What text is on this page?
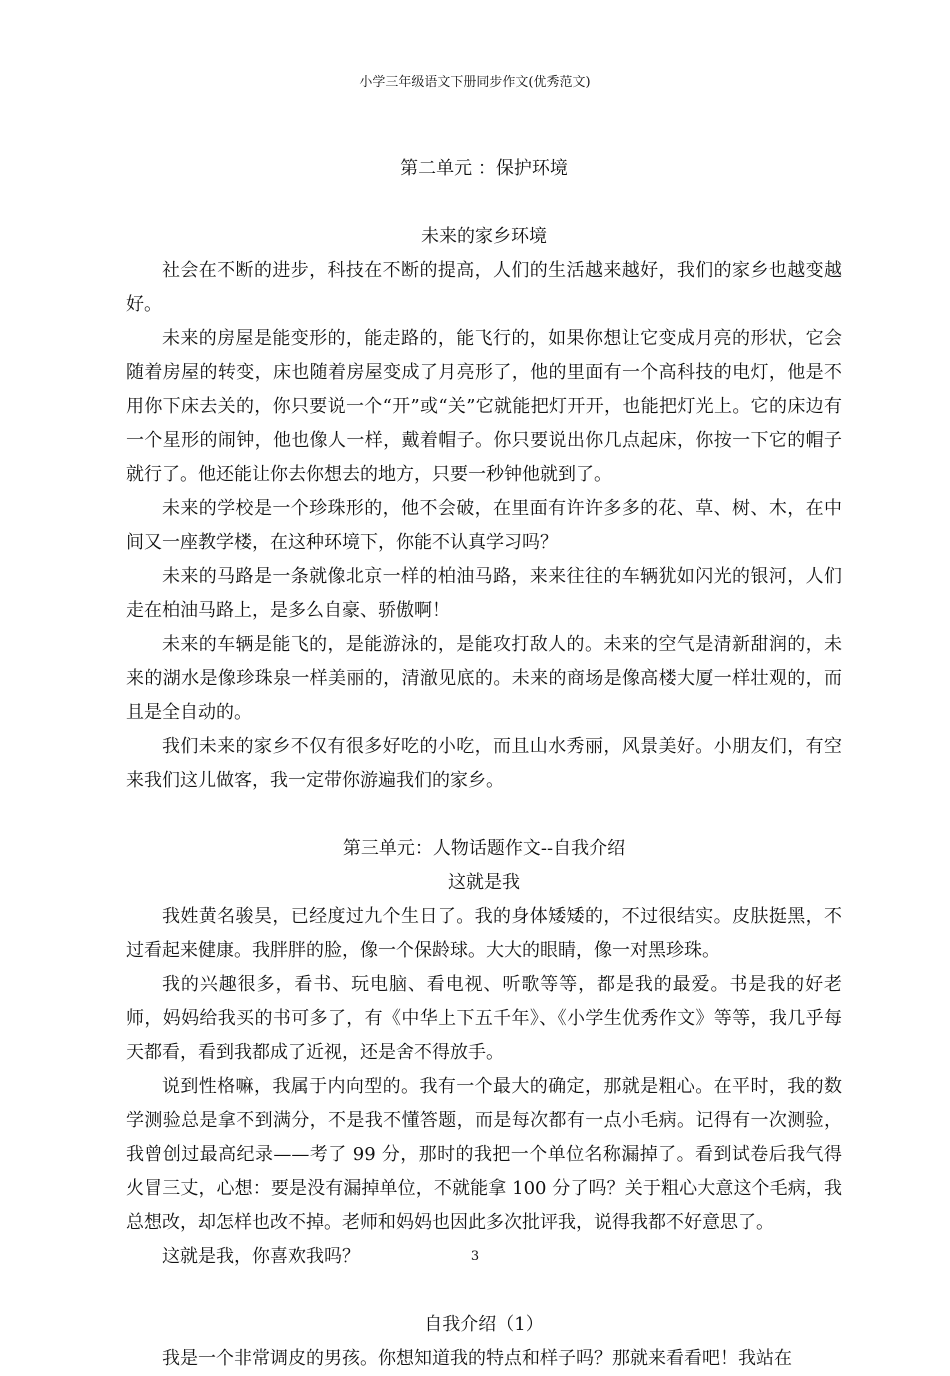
小学三年级语文下册同步作文(优秀范文)
第二单元 ：保护环境
未来的家乡环境

社会在不断的进步，科技在不断的提高，人们的生活越来越好，我们的家乡也越变越好。

未来的房屋是能变形的，能走路的，能飞行的，如果你想让它变成月亮的形状，它会随着房屋的转变，床也随着房屋变成了月亮形了，他的里面有一个高科技的电灯，他是不用你下床去关的，你只要说一个“开”或“关”它就能把灯开开，也能把灯光上。它的床边有一个星形的闹钟，他也像人一样，戴着帽子。你只要说出你几点起床，你按一下它的帽子就行了。他还能让你去你想去的地方，只要一秒钟他就到了。

未来的学校是一个珍珠形的，他不会破，在里面有许许多多的花、草、树、木，在中间又一座教学楼，在这种环境下，你能不认真学习吗？

未来的马路是一条就像北京一样的柏油马路，来来往往的车辆犹如闪光的银河，人们走在柏油马路上，是多么自豪、骄傲啊！

未来的车辆是能飞的，是能游泳的，是能攻打敌人的。未来的空气是清新甜润的，未来的湖水是像珍珠泉一样美丽的，清澈见底的。未来的商场是像高楼大厦一样壮观的，而且是全自动的。

我们未来的家乡不仅有很多好吃的小吃，而且山水秀丽，风景美好。小朋友们，有空来我们这儿做客，我一定带你游遍我们的家乡。

第三单元：人物话题作文--自我介绍
这就是我

我姓黄名骏昊，已经度过九个生日了。我的身体矮矮的，不过很结实。皮肤挺黑，不过看起来健康。我胖胖的脸，像一个保龄球。大大的眼睛，像一对黑珍珠。

我的兴趣很多，看书、玩电脑、看电视、听歌等等，都是我的最爱。书是我的好老师，妈妈给我买的书可多了，有《中华上下五千年》、《小学生优秀作文》等等，我几乎每天都看，看到我都成了近视，还是舍不得放手。

说到性格嘛，我属于内向型的。我有一个最大的确定，那就是粗心。在平时，我的数学测验总是拿不到满分，不是我不懂答题，而是每次都有一点小毛病。记得有一次测验，我曾创过最高纪录——考了 99 分，那时的我把一个单位名称漏掉了。看到试卷后我气得火冒三丈，心想：要是没有漏掉单位，不就能拿 100 分了吗？关于粗心大意这个毛病，我总想改，却怎样也改不掉。老师和妈妈也因此多次批评我，说得我都不好意思了。

这就是我，你喜欢我吗？

自我介绍（1）

我是一个非常调皮的男孩。你想知道我的特点和样子吗？那就来看看吧！我站在

3
